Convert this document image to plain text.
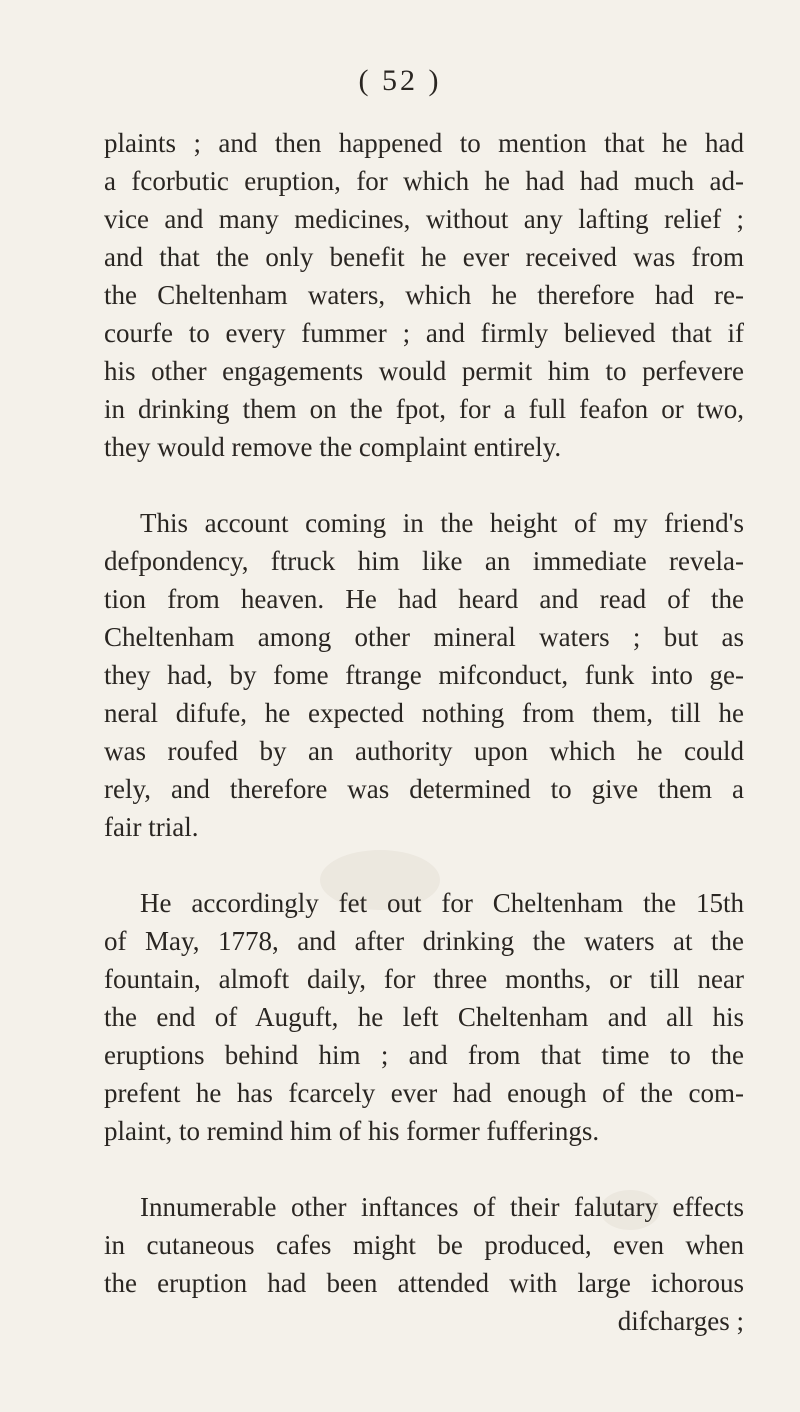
( 52 )
plaints ; and then happened to mention that he had
a fcorbutic eruption, for which he had had much ad-
vice and many medicines, without any lafting relief ;
and that the only benefit he ever received was from
the Cheltenham waters, which he therefore had re-
courfe to every fummer ; and firmly believed that if
his other engagements would permit him to perfevere
in drinking them on the fpot, for a full feafon or two,
they would remove the complaint entirely.
This account coming in the height of my friend's
defpondency, ftruck him like an immediate revela-
tion from heaven. He had heard and read of the
Cheltenham among other mineral waters ; but as
they had, by fome ftrange mifconduct, funk into ge-
neral difufe, he expected nothing from them, till he
was roufed by an authority upon which he could
rely, and therefore was determined to give them a
fair trial.
He accordingly fet out for Cheltenham the 15th
of May, 1778, and after drinking the waters at the
fountain, almoft daily, for three months, or till near
the end of Auguft, he left Cheltenham and all his
eruptions behind him ; and from that time to the
prefent he has fcarcely ever had enough of the com-
plaint, to remind him of his former fufferings.
Innumerable other inftances of their falutary effects
in cutaneous cafes might be produced, even when
the eruption had been attended with large ichorous
difcharges ;
